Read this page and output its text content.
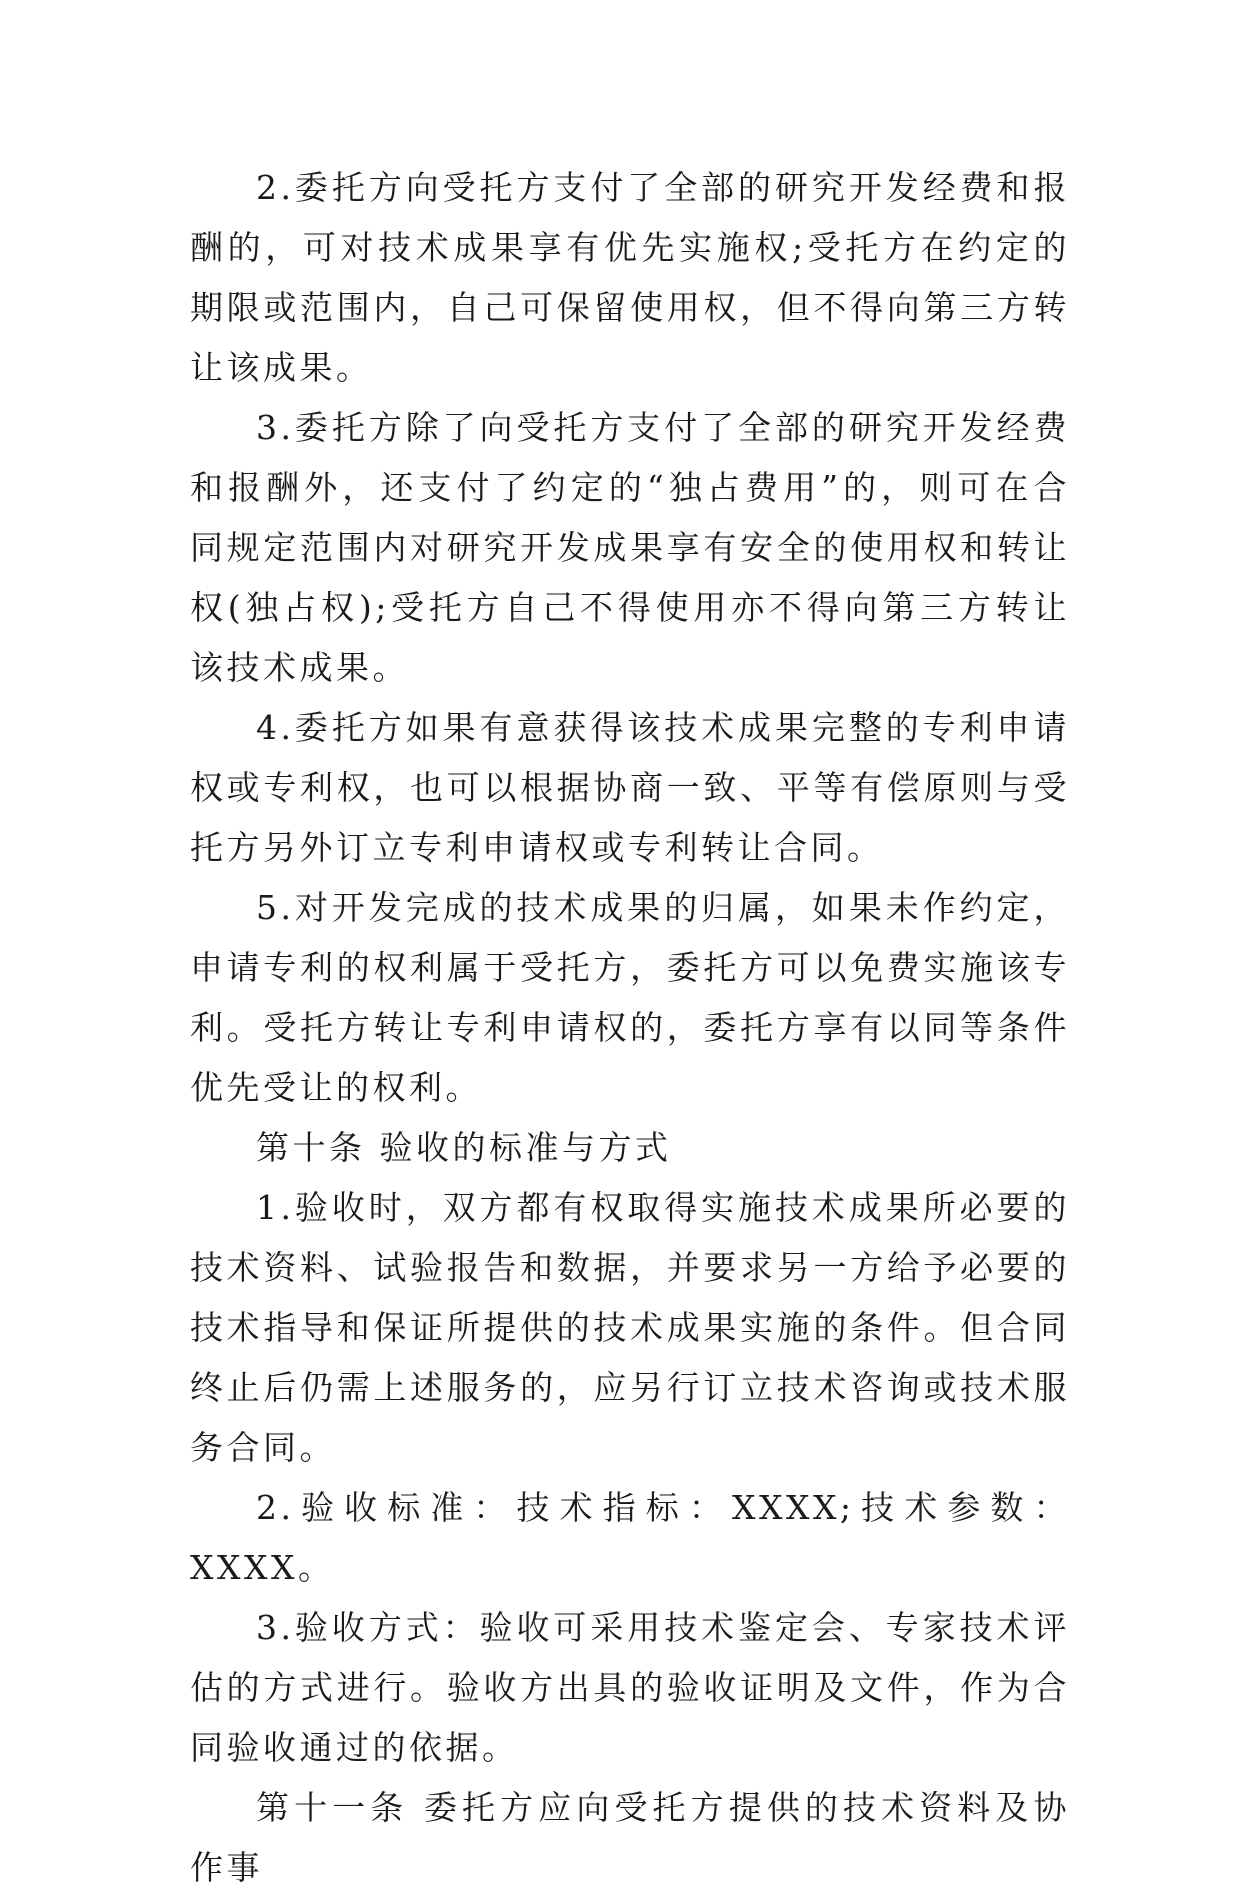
2.委托方向受托方支付了全部的研究开发经费和报酬的，可对技术成果享有优先实施权;受托方在约定的期限或范围内，自己可保留使用权，但不得向第三方转让该成果。

3.委托方除了向受托方支付了全部的研究开发经费和报酬外，还支付了约定的“独占费用”的，则可在合同规定范围内对研究开发成果享有安全的使用权和转让权(独占权);受托方自己不得使用亦不得向第三方转让该技术成果。

4.委托方如果有意获得该技术成果完整的专利申请权或专利权，也可以根据协商一致、平等有偿原则与受托方另外订立专利申请权或专利转让合同。

5.对开发完成的技术成果的归属，如果未作约定，申请专利的权利属于受托方，委托方可以免费实施该专利。受托方转让专利申请权的，委托方享有以同等条件优先受让的权利。

第十条 验收的标准与方式

1.验收时，双方都有权取得实施技术成果所必要的技术资料、试验报告和数据，并要求另一方给予必要的技术指导和保证所提供的技术成果实施的条件。但合同终止后仍需上述服务的，应另行订立技术咨询或技术服务合同。

2.验收标准：技术指标：XXXX;技术参数：XXXX。

3.验收方式：验收可采用技术鉴定会、专家技术评估的方式进行。验收方出具的验收证明及文件，作为合同验收通过的依据。

第十一条 委托方应向受托方提供的技术资料及协作事
